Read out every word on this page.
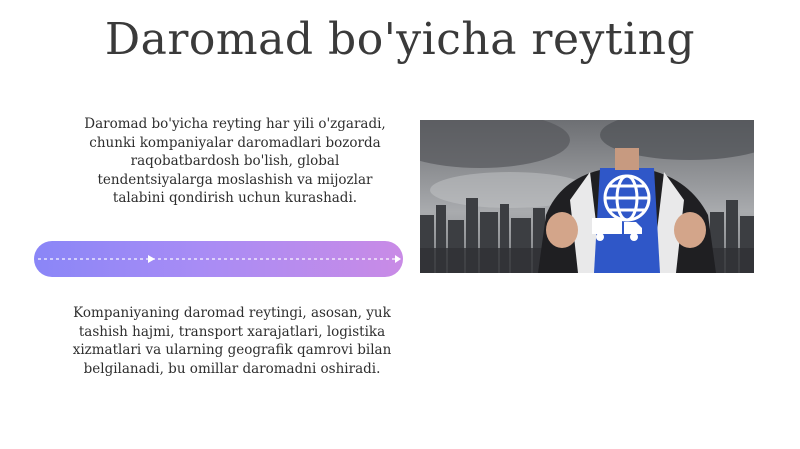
Daromad bo'yicha reyting
Daromad bo'yicha reyting har yili o'zgaradi, chunki kompaniyalar daromadlari bozorda raqobatbardosh bo'lish, global tendentsiyalarga moslashish va mijozlar talabini qondirish uchun kurashadi.
Kompaniyaning daromad reytingi, asosan, yuk tashish hajmi, transport xarajatlari, logistika xizmatlari va ularning geografik qamrovi bilan belgilanadi, bu omillar daromadni oshiradi.
